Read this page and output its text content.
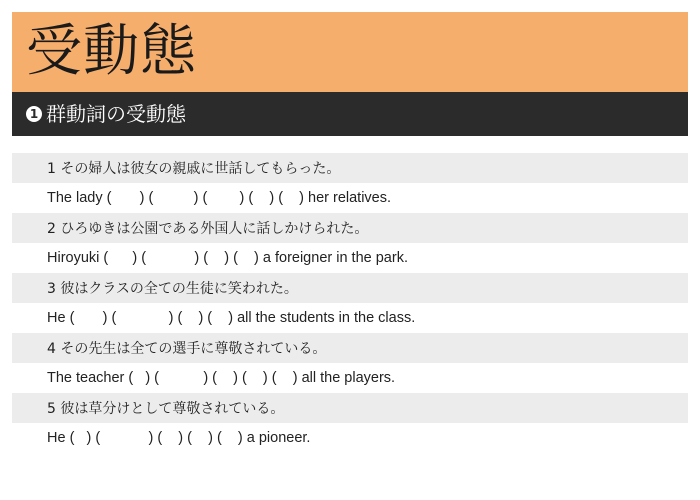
受動態
1 群動詞の受動態
1 その婦人は彼女の親戚に世話してもらった。
The lady (       ) (          ) (        ) (    ) (    ) her relatives.
2 ひろゆきは公園である外国人に話しかけられた。
Hiroyuki (      ) (            ) (    ) (    ) a foreigner in the park.
3 彼はクラスの全ての生徒に笑われた。
He (       ) (             ) (    ) (    ) all the students in the class.
4 その先生は全ての選手に尊敬されている。
The teacher (   ) (           ) (    ) (    ) (    ) all the players.
5 彼は草分けとして尊敬されている。
He (   ) (            ) (    ) (    ) (    ) a pioneer.
